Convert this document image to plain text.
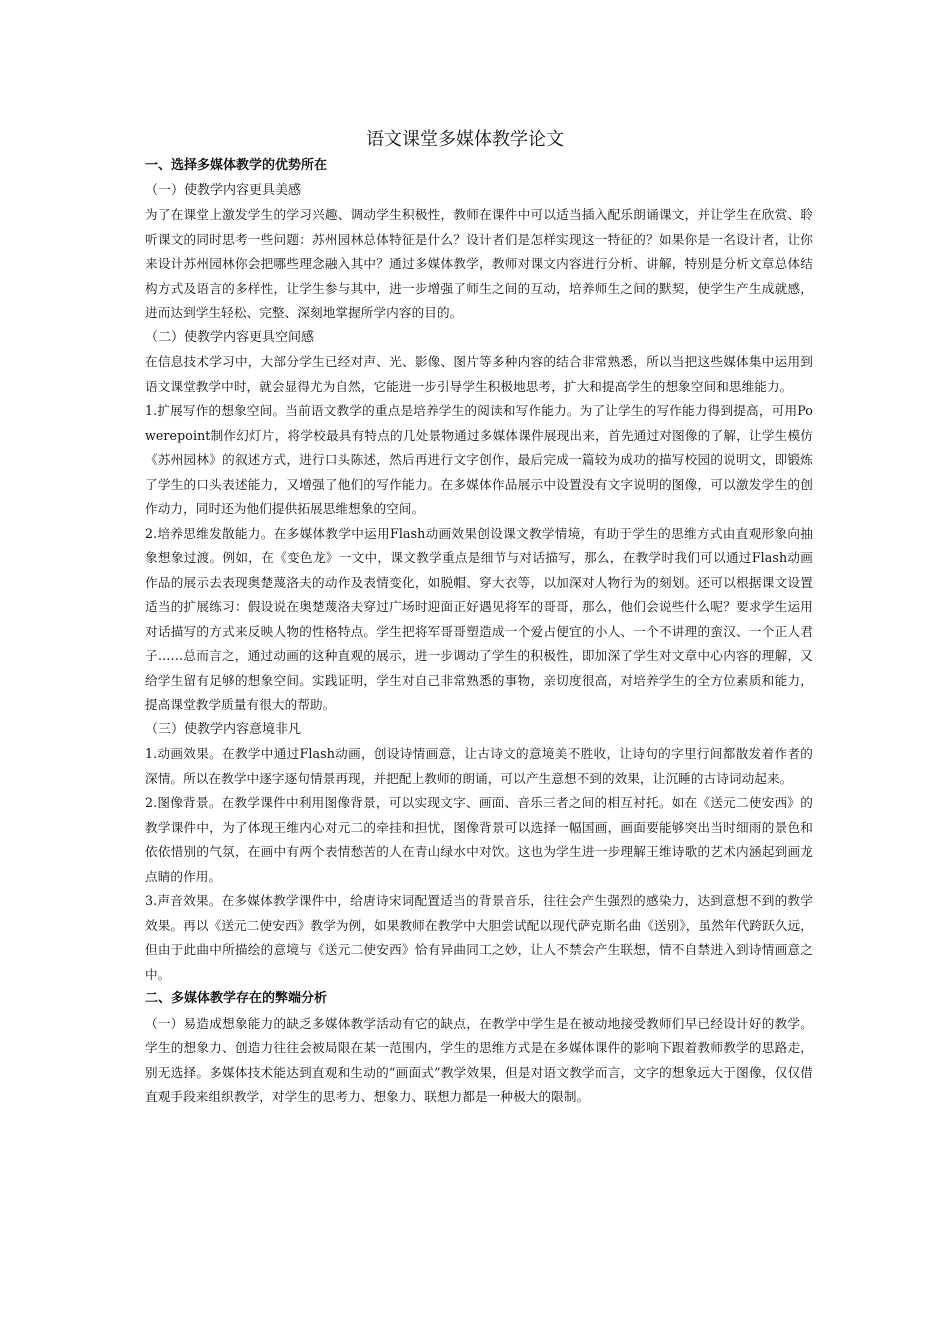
语文课堂多媒体教学论文
一、选择多媒体教学的优势所在
（一）使教学内容更具美感
为了在课堂上激发学生的学习兴趣、调动学生积极性，教师在课件中可以适当插入配乐朗诵课文，并让学生在欣赏、聆听课文的同时思考一些问题：苏州园林总体特征是什么？设计者们是怎样实现这一特征的？如果你是一名设计者，让你来设计苏州园林你会把哪些理念融入其中？通过多媒体教学，教师对课文内容进行分析、讲解，特别是分析文章总体结构方式及语言的多样性，让学生参与其中，进一步增强了师生之间的互动，培养师生之间的默契，使学生产生成就感，进而达到学生轻松、完整、深刻地掌握所学内容的目的。
（二）使教学内容更具空间感
在信息技术学习中，大部分学生已经对声、光、影像、图片等多种内容的结合非常熟悉，所以当把这些媒体集中运用到语文课堂教学中时，就会显得尤为自然，它能进一步引导学生积极地思考，扩大和提高学生的想象空间和思维能力。
1.扩展写作的想象空间。当前语文教学的重点是培养学生的阅读和写作能力。为了让学生的写作能力得到提高，可用Powerepoint制作幻灯片，将学校最具有特点的几处景物通过多媒体课件展现出来，首先通过对图像的了解，让学生模仿《苏州园林》的叙述方式，进行口头陈述，然后再进行文字创作，最后完成一篇较为成功的描写校园的说明文，即锻炼了学生的口头表述能力，又增强了他们的写作能力。在多媒体作品展示中设置没有文字说明的图像，可以激发学生的创作动力，同时还为他们提供拓展思维想象的空间。
2.培养思维发散能力。在多媒体教学中运用Flash动画效果创设课文教学情境，有助于学生的思维方式由直观形象向抽象想象过渡。例如，在《变色龙》一文中，课文教学重点是细节与对话描写，那么，在教学时我们可以通过Flash动画作品的展示去表现奥楚蔑洛夫的动作及表情变化，如脱帽、穿大衣等，以加深对人物行为的刻划。还可以根据课文设置适当的扩展练习：假设说在奥楚蔑洛夫穿过广场时迎面正好遇见将军的哥哥，那么，他们会说些什么呢？要求学生运用对话描写的方式来反映人物的性格特点。学生把将军哥哥塑造成一个爱占便宜的小人、一个不讲理的蛮汉、一个正人君子……总而言之，通过动画的这种直观的展示，进一步调动了学生的积极性，即加深了学生对文章中心内容的理解，又给学生留有足够的想象空间。实践证明，学生对自己非常熟悉的事物，亲切度很高，对培养学生的全方位素质和能力，提高课堂教学质量有很大的帮助。
（三）使教学内容意境非凡
1.动画效果。在教学中通过Flash动画，创设诗情画意，让古诗文的意境美不胜收，让诗句的字里行间都散发着作者的深情。所以在教学中逐字逐句情景再现，并把配上教师的朗诵，可以产生意想不到的效果，让沉睡的古诗词动起来。
2.图像背景。在教学课件中利用图像背景，可以实现文字、画面、音乐三者之间的相互衬托。如在《送元二使安西》的教学课件中，为了体现王维内心对元二的牵挂和担忧，图像背景可以选择一幅国画，画面要能够突出当时细雨的景色和依依惜别的气氛，在画中有两个表情愁苦的人在青山绿水中对饮。这也为学生进一步理解王维诗歌的艺术内涵起到画龙点睛的作用。
3.声音效果。在多媒体教学课件中，给唐诗宋词配置适当的背景音乐，往往会产生强烈的感染力，达到意想不到的教学效果。再以《送元二使安西》教学为例，如果教师在教学中大胆尝试配以现代萨克斯名曲《送别》，虽然年代跨跃久远，但由于此曲中所描绘的意境与《送元二使安西》恰有异曲同工之妙，让人不禁会产生联想，情不自禁进入到诗情画意之中。
二、多媒体教学存在的弊端分析
（一）易造成想象能力的缺乏多媒体教学活动有它的缺点，在教学中学生是在被动地接受教师们早已经设计好的教学。学生的想象力、创造力往往会被局限在某一范围内，学生的思维方式是在多媒体课件的影响下跟着教师教学的思路走，别无选择。多媒体技术能达到直观和生动的“画面式”教学效果，但是对语文教学而言，文字的想象远大于图像，仅仅借直观手段来组织教学，对学生的思考力、想象力、联想力都是一种极大的限制。
